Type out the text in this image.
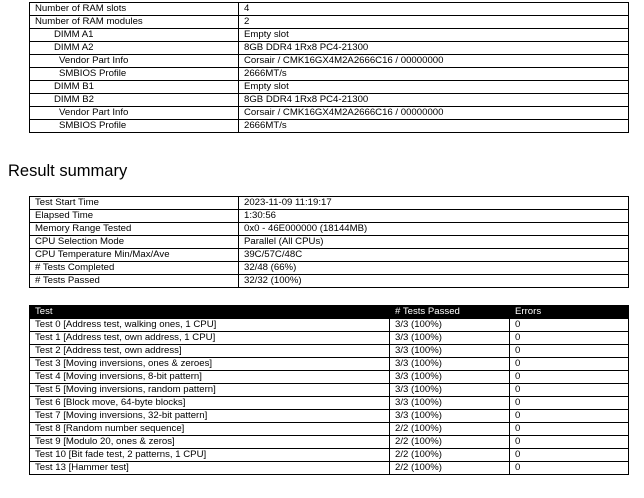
Number of RAM slots	4
Number of RAM modules	2
DIMM A1	Empty slot
DIMM A2	8GB DDR4 1Rx8 PC4-21300
Vendor Part Info	Corsair / CMK16GX4M2A2666C16 / 00000000
SMBIOS Profile	2666MT/s
DIMM B1	Empty slot
DIMM B2	8GB DDR4 1Rx8 PC4-21300
Vendor Part Info	Corsair / CMK16GX4M2A2666C16 / 00000000
SMBIOS Profile	2666MT/s
Result summary
Test Start Time	2023-11-09 11:19:17
Elapsed Time	1:30:56
Memory Range Tested	0x0 - 46E000000 (18144MB)
CPU Selection Mode	Parallel (All CPUs)
CPU Temperature Min/Max/Ave	39C/57C/48C
# Tests Completed	32/48 (66%)
# Tests Passed	32/32 (100%)
Test	# Tests Passed	Errors
Test 0 [Address test, walking ones, 1 CPU]	3/3 (100%)	0
Test 1 [Address test, own address, 1 CPU]	3/3 (100%)	0
Test 2 [Address test, own address]	3/3 (100%)	0
Test 3 [Moving inversions, ones & zeroes]	3/3 (100%)	0
Test 4 [Moving inversions, 8-bit pattern]	3/3 (100%)	0
Test 5 [Moving inversions, random pattern]	3/3 (100%)	0
Test 6 [Block move, 64-byte blocks]	3/3 (100%)	0
Test 7 [Moving inversions, 32-bit pattern]	3/3 (100%)	0
Test 8 [Random number sequence]	2/2 (100%)	0
Test 9 [Modulo 20, ones & zeros]	2/2 (100%)	0
Test 10 [Bit fade test, 2 patterns, 1 CPU]	2/2 (100%)	0
Test 13 [Hammer test]	2/2 (100%)	0
